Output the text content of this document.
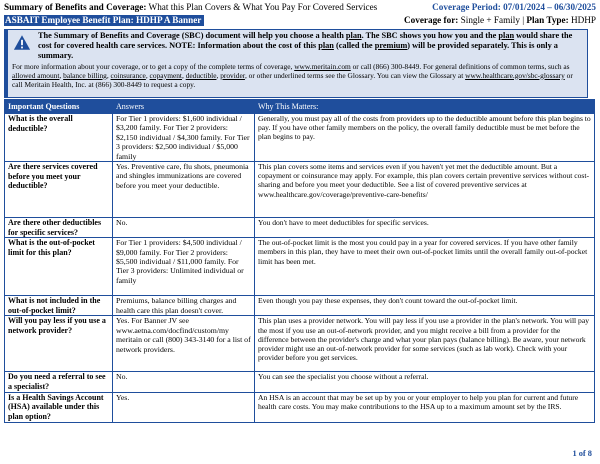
Summary of Benefits and Coverage: What this Plan Covers & What You Pay For Covered Services	Coverage Period: 07/01/2024 – 06/30/2025
ASBAIT Employee Benefit Plan: HDHP A Banner	Coverage for: Single + Family | Plan Type: HDHP
The Summary of Benefits and Coverage (SBC) document will help you choose a health plan. The SBC shows you how you and the plan would share the cost for covered health care services. NOTE: Information about the cost of this plan (called the premium) will be provided separately. This is only a summary.
For more information about your coverage, or to get a copy of the complete terms of coverage, www.meritain.com or call (866) 300-8449. For general definitions of common terms, such as allowed amount, balance billing, coinsurance, copayment, deductible, provider, or other underlined terms see the Glossary. You can view the Glossary at www.healthcare.gov/sbc-glossary or call Meritain Health, Inc. at (866) 300-8449 to request a copy.
Important Questions	Answers	Why This Matters:
What is the overall deductible?	For Tier 1 providers: $1,600 individual / $3,200 family. For Tier 2 providers: $2,150 individual / $4,300 family. For Tier 3 providers: $2,500 individual / $5,000 family	Generally, you must pay all of the costs from providers up to the deductible amount before this plan begins to pay. If you have other family members on the policy, the overall family deductible must be met before the plan begins to pay.
Are there services covered before you meet your deductible?	Yes. Preventive care, flu shots, pneumonia and shingles immunizations are covered before you meet your deductible.	This plan covers some items and services even if you haven't yet met the deductible amount. But a copayment or coinsurance may apply. For example, this plan covers certain preventive services without cost-sharing and before you meet your deductible. See a list of covered preventive services at www.healthcare.gov/coverage/preventive-care-benefits/
Are there other deductibles for specific services?	No.	You don't have to meet deductibles for specific services.
What is the out-of-pocket limit for this plan?	For Tier 1 providers: $4,500 individual / $9,000 family. For Tier 2 providers: $5,500 individual / $11,000 family. For Tier 3 providers: Unlimited individual or family	The out-of-pocket limit is the most you could pay in a year for covered services. If you have other family members in this plan, they have to meet their own out-of-pocket limits until the overall family out-of-pocket limit has been met.
What is not included in the out-of-pocket limit?	Premiums, balance billing charges and health care this plan doesn't cover.	Even though you pay these expenses, they don't count toward the out-of-pocket limit.
Will you pay less if you use a network provider?	Yes. For Banner JV see www.aetna.com/docfind/custom/my meritain or call (800) 343-3140 for a list of network providers.	This plan uses a provider network. You will pay less if you use a provider in the plan's network. You will pay the most if you use an out-of-network provider, and you might receive a bill from a provider for the difference between the provider's charge and what your plan pays (balance billing). Be aware, your network provider might use an out-of-network provider for some services (such as lab work). Check with your provider before you get services.
Do you need a referral to see a specialist?	No.	You can see the specialist you choose without a referral.
Is a Health Savings Account (HSA) available under this plan option?	Yes.	An HSA is an account that may be set up by you or your employer to help you plan for current and future health care costs. You may make contributions to the HSA up to a maximum amount set by the IRS.
1 of 8
